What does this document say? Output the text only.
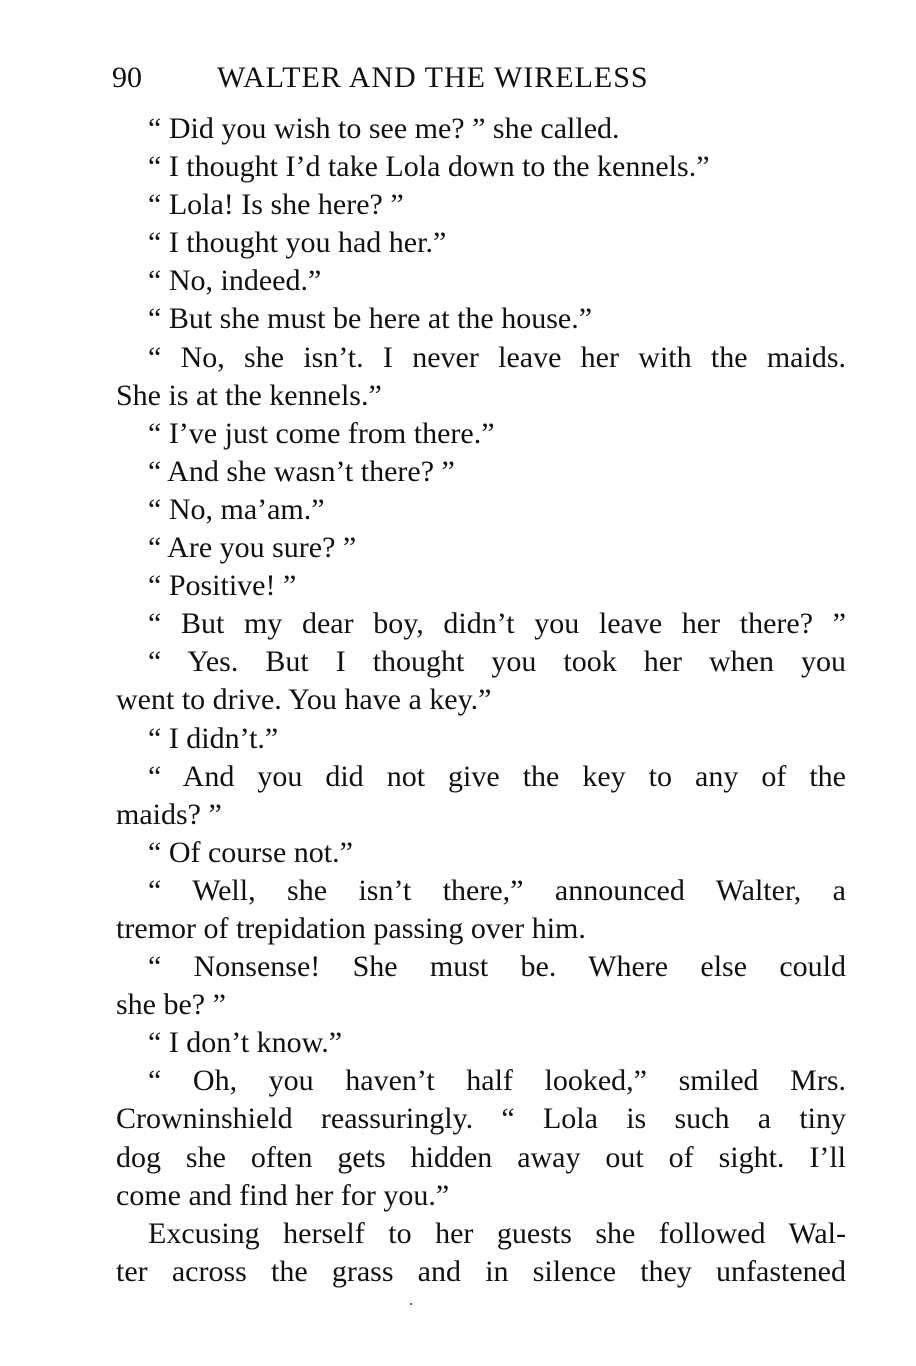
90	WALTER AND THE WIRELESS
“ Did you wish to see me? ” she called.
“ I thought I’d take Lola down to the kennels.”
“ Lola! Is she here? ”
“ I thought you had her.”
“ No, indeed.”
“ But she must be here at the house.”
“ No, she isn’t. I never leave her with the maids.
She is at the kennels.”
“ I’ve just come from there.”
“ And she wasn’t there? ”
“ No, ma’am.”
“ Are you sure? ”
“ Positive! ”
“ But my dear boy, didn’t you leave her there? ”
“ Yes. But I thought you took her when you
went to drive. You have a key.”
“ I didn’t.”
“ And you did not give the key to any of the
maids? ”
“ Of course not.”
“ Well, she isn’t there,” announced Walter, a
tremor of trepidation passing over him.
“ Nonsense! She must be. Where else could
she be? ”
“ I don’t know.”
“ Oh, you haven’t half looked,” smiled Mrs.
Crowninshield reassuringly. “ Lola is such a tiny
dog she often gets hidden away out of sight. I’ll
come and find her for you.”
Excusing herself to her guests she followed Wal-
ter across the grass and in silence they unfastened
